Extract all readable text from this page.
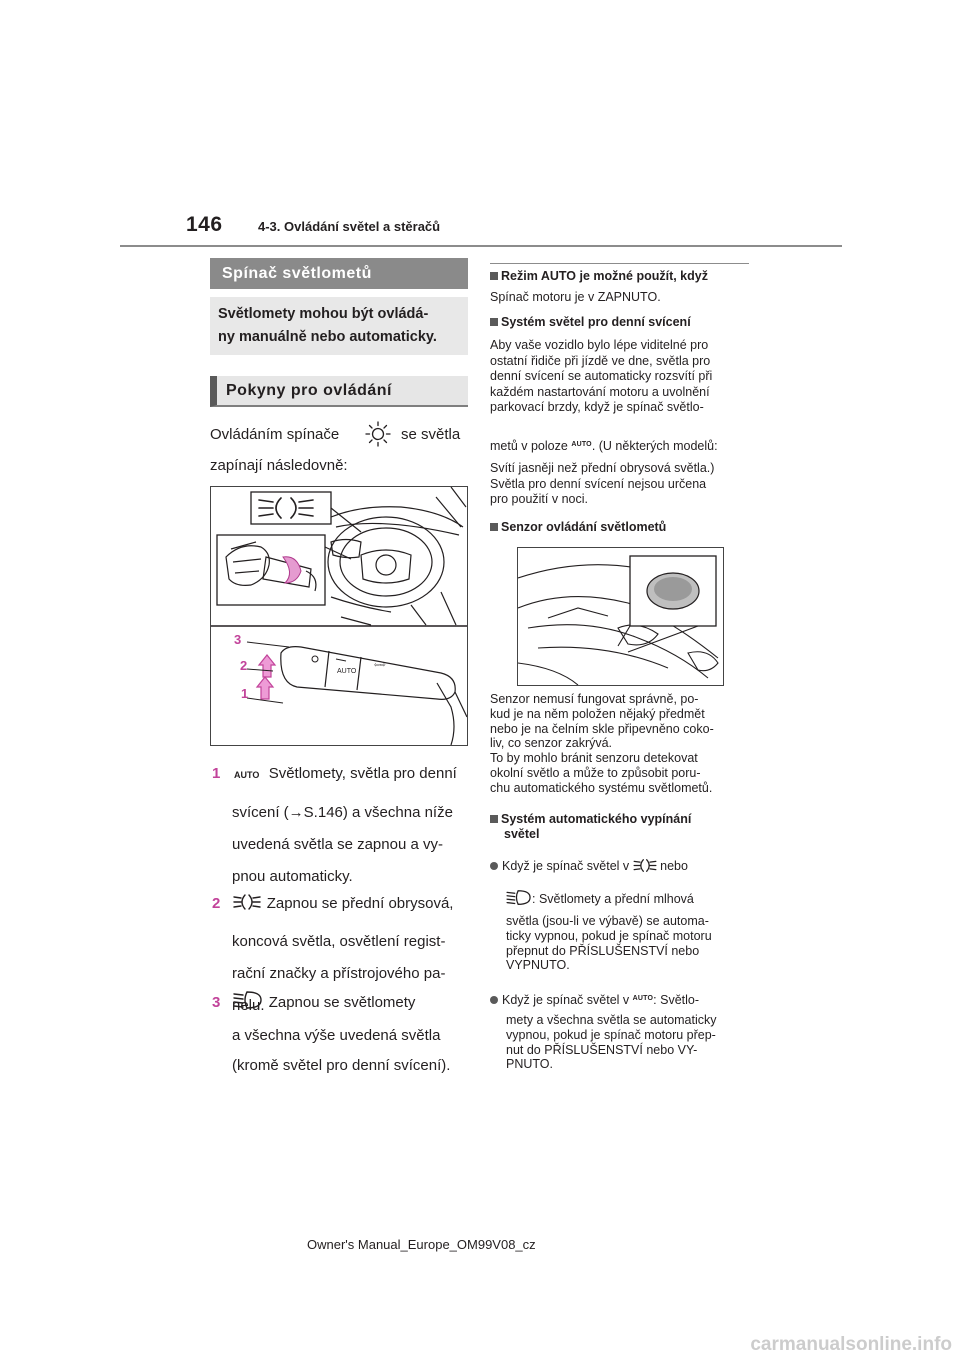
146	4-3. Ovládání světel a stěračů
Spínač světlometů
Světlomety mohou být ovládá-
ny manuálně nebo automaticky.
Pokyny pro ovládání
Ovládáním spínače	se světla
zapínají následovně:
AUTO
⇦⇨
3
2
1
1 AUTO Světlomety, světla pro denní
svícení (→S.146) a všechna níže
uvedená světla se zapnou a vy-
pnou automaticky.
2	Zapnou se přední obrysová,
koncová světla, osvětlení regist-
rační značky a přístrojového pa-
nelu.
3	Zapnou se světlomety
a všechna výše uvedená světla
(kromě světel pro denní svícení).
Režim AUTO je možné použít, když
Spínač motoru je v ZAPNUTO.
Systém světel pro denní svícení
Aby vaše vozidlo bylo lépe viditelné pro
ostatní řidiče při jízdě ve dne, světla pro
denní svícení se automaticky rozsvítí při
každém nastartování motoru a uvolnění
parkovací brzdy, když je spínač světlo-
metů v poloze $^{AUTO}$. (U některých modelů:
Svítí jasněji než přední obrysová světla.)
Světla pro denní svícení nejsou určena
pro použití v noci.
Senzor ovládání světlometů
Senzor nemusí fungovat správně, po-
kud je na něm položen nějaký předmět
nebo je na čelním skle připevněno coko-
liv, co senzor zakrývá.
To by mohlo bránit senzoru detekovat
okolní světlo a může to způsobit poru-
chu automatického systému světlometů.
Systém automatického vypínání
světel
Když je spínač světel v nebo
: Světlomety a přední mlhová
světla (jsou-li ve výbavě) se automa-
ticky vypnou, pokud je spínač motoru
přepnut do PŘÍSLUŠENSTVÍ nebo
VYPNUTO.
Když je spínač světel v $^{AUTO}$: Světlo-
mety a všechna světla se automaticky
vypnou, pokud je spínač motoru přep-
nut do PŘÍSLUŠENSTVÍ nebo VY-
PNUTO.
Owner's Manual_Europe_OM99V08_cz
carmanualsonline.info
